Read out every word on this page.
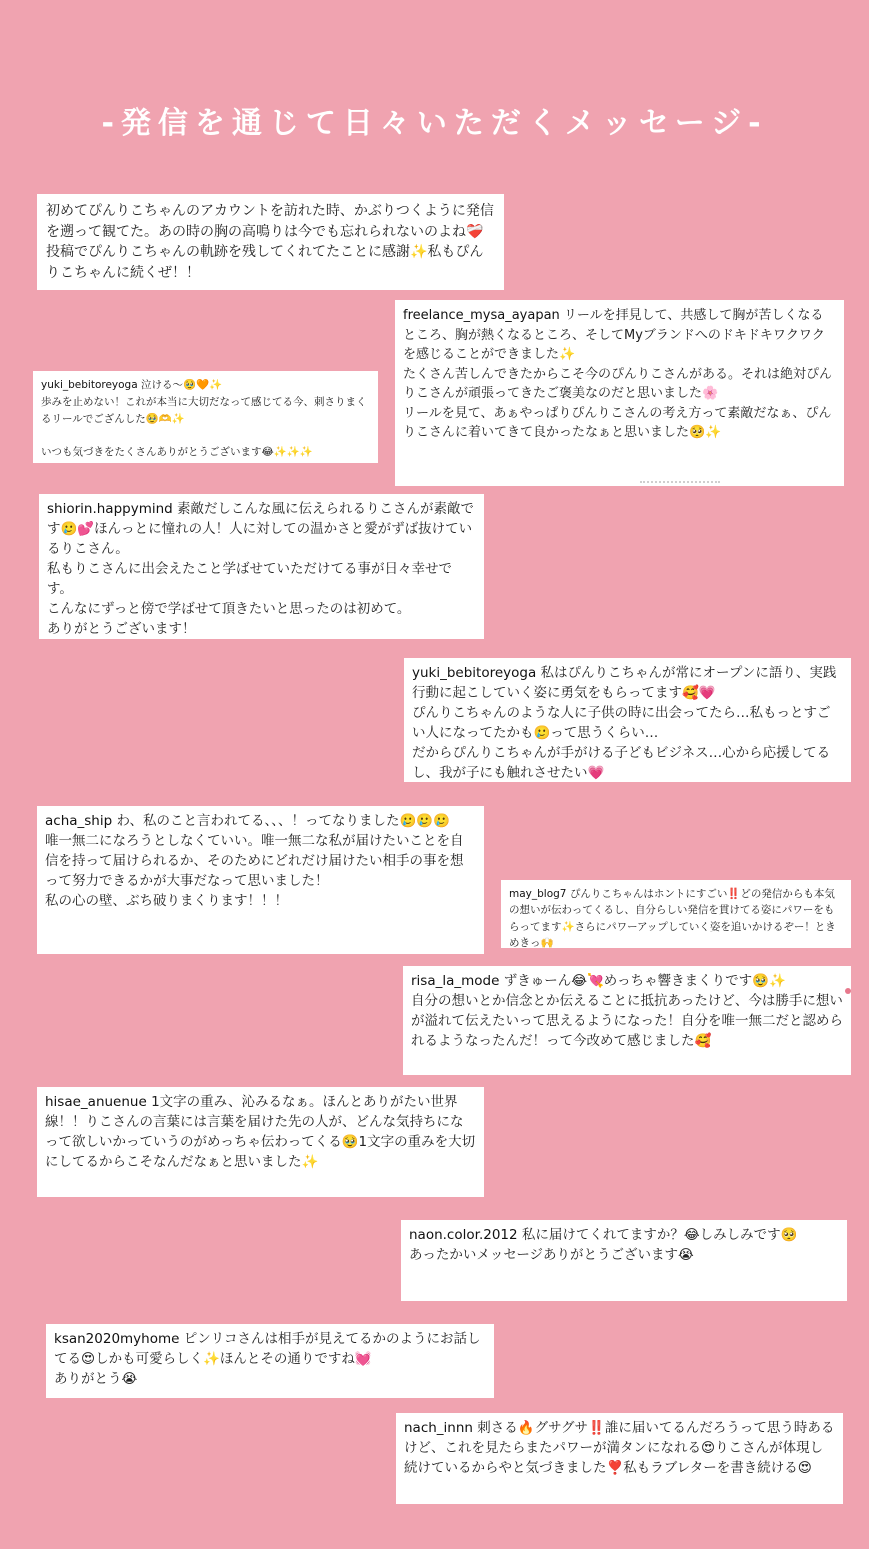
-発信を通じて日々いただくメッセージ-
初めてぴんりこちゃんのアカウントを訪れた時、かぶりつくように発信を遡って観てた。あの時の胸の高鳴りは今でも忘れられないのよね❤️‍🩹投稿でぴんりこちゃんの軌跡を残してくれてたことに感謝✨私もぴんりこちゃんに続くぜ！！
freelance_mysa_ayapan リールを拝見して、共感して胸が苦しくなるところ、胸が熱くなるところ、そしてMyブランドへのドキドキワクワクを感じることができました✨
たくさん苦しんできたからこそ今のぴんりこさんがある。それは絶対ぴんりこさんが頑張ってきたご褒美なのだと思いました🌸
リールを見て、あぁやっぱりぴんりこさんの考え方って素敵だなぁ、ぴんりこさんに着いてきて良かったなぁと思いました🥺✨
yuki_bebitoreyoga 泣ける〜🥹🧡✨
歩みを止めない！これが本当に大切だなって感じてる今、刺さりまくるリールでござんした🥹🫶✨

いつも気づきをたくさんありがとうございます😂✨✨✨
shiorin.happymind 素敵だしこんな風に伝えられるりこさんが素敵です🥲💕ほんっとに憧れの人！人に対しての温かさと愛がずば抜けているりこさん。
私もりこさんに出会えたこと学ばせていただけてる事が日々幸せです。
こんなにずっと傍で学ばせて頂きたいと思ったのは初めて。
ありがとうございます！
yuki_bebitoreyoga 私はぴんりこちゃんが常にオープンに語り、実践行動に起こしていく姿に勇気をもらってます🥰💗
ぴんりこちゃんのような人に子供の時に出会ってたら…私もっとすごい人になってたかも🥲って思うくらい…
だからぴんりこちゃんが手がける子どもビジネス…心から応援してるし、我が子にも触れさせたい💗
acha_ship わ、私のこと言われてる、、、！ってなりました🥲🥲🥲
唯一無二になろうとしなくていい。唯一無二な私が届けたいことを自信を持って届けられるか、そのためにどれだけ届けたい相手の事を想って努力できるかが大事だなって思いました！
私の心の壁、ぶち破りまくります！！！	may_blog7 ぴんりこちゃんはホントにすごい‼️どの発信からも本気の想いが伝わってくるし、自分らしい発信を貫けてる姿にパワーをもらってます✨さらにパワーアップしていく姿を追いかけるぞー！ときめきっ🙌
risa_la_mode ずきゅーん😂💘めっちゃ響きまくりです🥹✨
自分の想いとか信念とか伝えることに抵抗あったけど、今は勝手に想いが溢れて伝えたいって思えるようになった！自分を唯一無二だと認められるようなったんだ！って今改めて感じました🥰
hisae_anuenue 1文字の重み、沁みるなぁ。ほんとありがたい世界線！！りこさんの言葉には言葉を届けた先の人が、どんな気持ちになって欲しいかっていうのがめっちゃ伝わってくる🥹1文字の重みを大切にしてるからこそなんだなぁと思いました✨
naon.color.2012 私に届けてくれてますか？😂しみしみです🥺
あったかいメッセージありがとうございます😭
ksan2020myhome ピンリコさんは相手が見えてるかのようにお話してる😍しかも可愛らしく✨ほんとその通りですね💓
ありがとう😭
nach_innn 刺さる🔥グサグサ‼️誰に届いてるんだろうって思う時あるけど、これを見たらまたパワーが満タンになれる😍りこさんが体現し続けているからやと気づきました❣️私もラブレターを書き続ける😍
